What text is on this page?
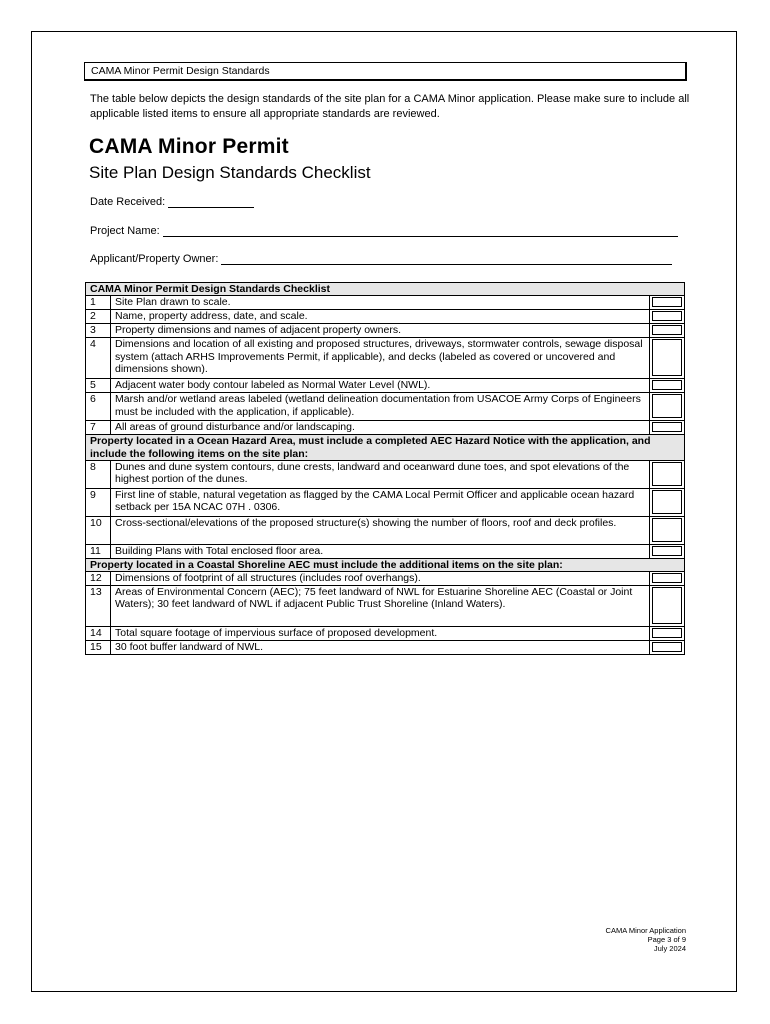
CAMA Minor Permit Design Standards
The table below depicts the design standards of the site plan for a CAMA Minor application. Please make sure to include all applicable listed items to ensure all appropriate standards are reviewed.
CAMA Minor Permit
Site Plan Design Standards Checklist
Date Received:
Project Name:
Applicant/Property Owner:
CAMA Minor Permit Design Standards Checklist		
1	Site Plan drawn to scale.	

2	Name, property address, date, and scale.	

3	Property dimensions and names of adjacent property owners.	

4	Dimensions and location of all existing and proposed structures, driveways, stormwater controls, sewage disposal system (attach ARHS Improvements Permit, if applicable), and decks (labeled as covered or uncovered and dimensions shown).	

5	Adjacent water body contour labeled as Normal Water Level (NWL).	

6	Marsh and/or wetland areas labeled (wetland delineation documentation from USACOE Army Corps of Engineers must be included with the application, if applicable).	

7	All areas of ground disturbance and/or landscaping.	

Property located in a Ocean Hazard Area, must include a completed AEC Hazard Notice with the application, and include the following items on the site plan:		
8	Dunes and dune system contours, dune crests, landward and oceanward dune toes, and spot elevations of the highest portion of the dunes.	

9	First line of stable, natural vegetation as flagged by the CAMA Local Permit Officer and applicable ocean hazard setback per 15A NCAC 07H . 0306.	

10	Cross-sectional/elevations of the proposed structure(s) showing the number of floors, roof and deck profiles.	

11	Building Plans with Total enclosed floor area.	

Property located in a Coastal Shoreline AEC must include the additional items on the site plan:		
12	Dimensions of footprint of all structures (includes roof overhangs).	

13	Areas of Environmental Concern (AEC); 75 feet landward of NWL for Estuarine Shoreline AEC (Coastal or Joint Waters); 30 feet landward of NWL if adjacent Public Trust Shoreline (Inland Waters).	

14	Total square footage of impervious surface of proposed development.	

15	30 foot buffer landward of NWL.	
CAMA Minor Application
Page 3 of 9
July 2024
